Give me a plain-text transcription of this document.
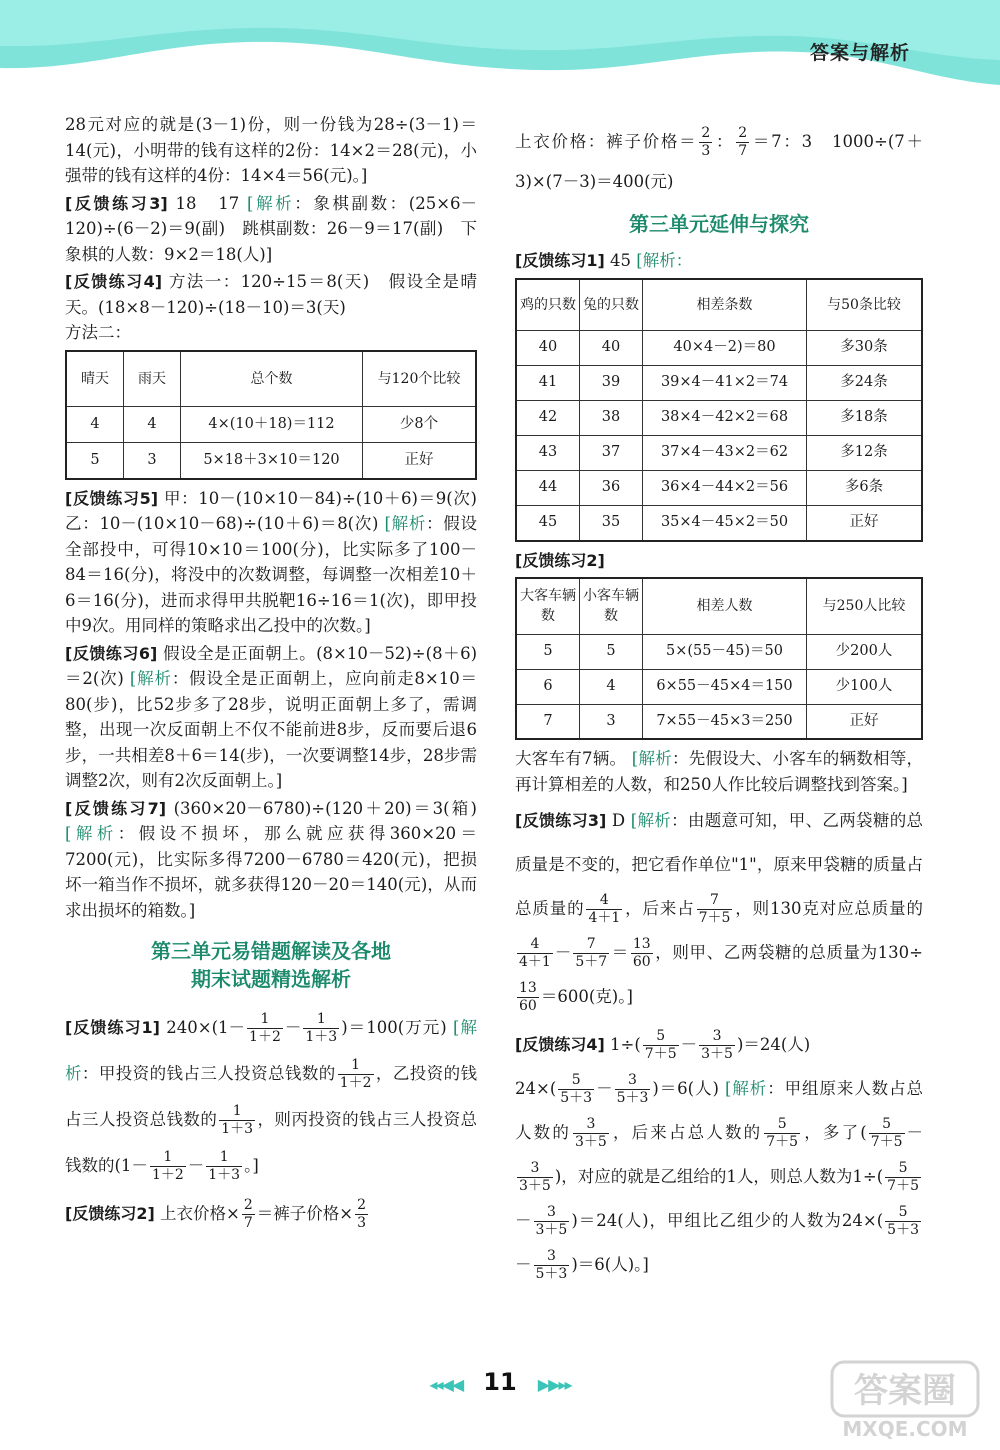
答案与解析

28元对应的就是(3－1)份，则一份钱为28÷(3－1)＝14(元)，小明带的钱有这样的2份：14×2＝28(元)，小强带的钱有这样的4份：14×4＝56(元)。]

[反馈练习3] 18　17 [解析：象棋副数：(25×6－120)÷(6－2)＝9(副)　跳棋副数：26－9＝17(副)　下象棋的人数：9×2＝18(人)]

[反馈练习4] 方法一：120÷15＝8(天)　假设全是晴天。(18×8－120)÷(18－10)＝3(天)
方法二：

晴天	雨天	总个数	与120个比较
4	4	4×(10＋18)＝112	少8个
5	3	5×18＋3×10＝120	正好

[反馈练习5] 甲：10－(10×10－84)÷(10＋6)＝9(次)　乙：10－(10×10－68)÷(10＋6)＝8(次) [解析：假设全部投中，可得10×10＝100(分)，比实际多了100－84＝16(分)，将没中的次数调整，每调整一次相差10＋6＝16(分)，进而求得甲共脱靶16÷16＝1(次)，即甲投中9次。用同样的策略求出乙投中的次数。]

[反馈练习6] 假设全是正面朝上。(8×10－52)÷(8＋6)＝2(次) [解析：假设全是正面朝上，应向前走8×10＝80(步)，比52步多了28步，说明正面朝上多了，需调整，出现一次反面朝上不仅不能前进8步，反而要后退6步，一共相差8＋6＝14(步)，一次要调整14步，28步需调整2次，则有2次反面朝上。]

[反馈练习7] (360×20－6780)÷(120＋20)＝3(箱) [解析：假设不损坏，那么就应获得360×20＝7200(元)，比实际多得7200－6780＝420(元)，把损坏一箱当作不损坏，就多获得120－20＝140(元)，从而求出损坏的箱数。]

第三单元易错题解读及各地
期末试题精选解析
[反馈练习1] $240\times(1- \frac{1}{1+2} - \frac{1}{1+3} )=100$(万元) [解析：甲投资的钱占三人投资总钱数的 $\frac{1}{1+2}$ ，乙投资的钱占三人投资总钱数的 $\frac{1}{1+3}$ ，则丙投资的钱占三人投资总钱数的($1- \frac{1}{1+2} - \frac{1}{1+3}$ 。]
[反馈练习2] 上衣价格× $\frac{2}{7}$ ＝裤子价格× $\frac{2}{3}$
上衣价格：裤子价格＝ $\frac{2}{3}$ ： $\frac{2}{7} =7$：3　1000÷(7＋3)×(7－3)＝400(元)
第三单元延伸与探究

[反馈练习1] 45 [解析：

鸡的只数	兔的只数	相差条数	与50条比较
40	40	40×4－2)＝80	多30条
41	39	39×4－41×2＝74	多24条
42	38	38×4－42×2＝68	多18条
43	37	37×4－43×2＝62	多12条
44	36	36×4－44×2＝56	多6条
45	35	35×4－45×2＝50	正好

[反馈练习2]

大客车辆数	小客车辆数	相差人数	与250人比较
5	5	5×(55－45)＝50	少200人
6	4	6×55－45×4＝150	少100人
7	3	7×55－45×3＝250	正好

大客车有7辆。 [解析：先假设大、小客车的辆数相等，再计算相差的人数，和250人作比较后调整找到答案。]

[反馈练习3] D [解析：由题意可知，甲、乙两袋糖的总质量是不变的，把它看作单位"1"，原来甲袋糖的质量占总质量的 $\frac{4}{4+1}$ ，后来占 $\frac{7}{7+5}$ ，则130克对应总质量的
$\frac{4}{4+1} - \frac{7}{5+7} = \frac{13}{60}$ ，则甲、乙两袋糖的总质量为130÷
$\frac{13}{60} =600$(克)。]
[反馈练习4] $1\div( \frac{5}{7+5} - \frac{3}{3+5} )=24$(人)
$24\times( \frac{5}{5+3} - \frac{3}{5+3} )=6$(人) [解析：甲组原来人数占总人数的 $\frac{3}{3+5}$ ，后来占总人数的 $\frac{5}{7+5}$ ，多了( $\frac{5}{7+5}$ －
$\frac{3}{3+5}$ )，对应的就是乙组给的1人，则总人数为$1\div( \frac{5}{7+5}$
－ $\frac{3}{3+5} )=24$(人)，甲组比乙组少的人数为$24\times( \frac{5}{5+3}$
－ $\frac{3}{5+3} )=6$(人)。]
◂◂◀◀ 11 ▶▶▸▸	答案圈
MXQE.COM
